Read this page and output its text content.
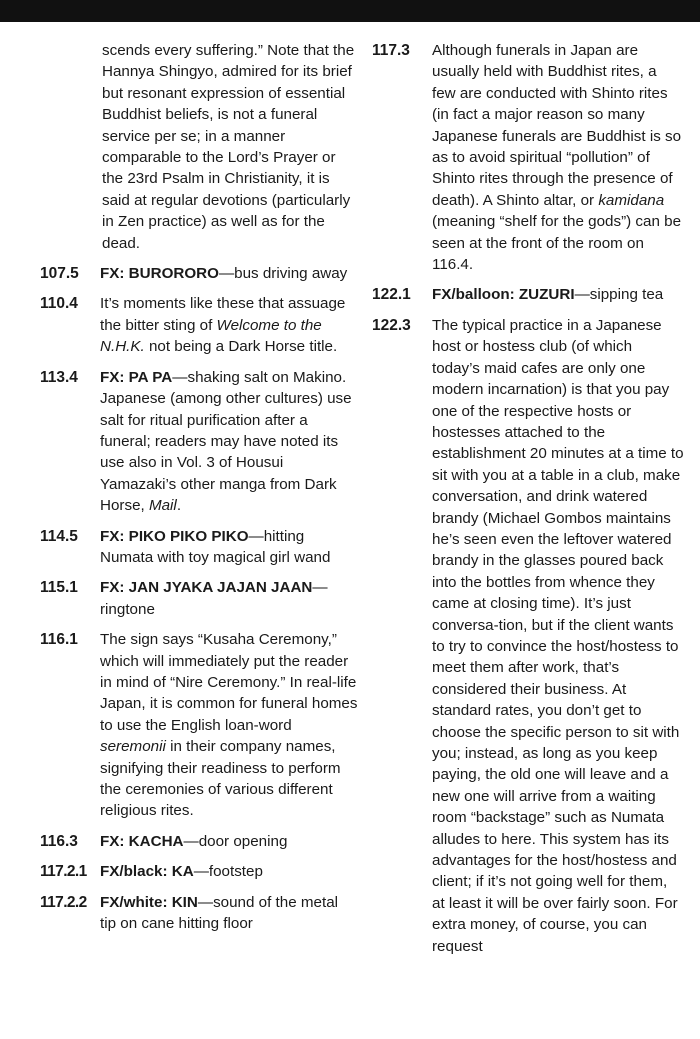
scends every suffering.” Note that the Hannya Shingyo, admired for its brief but resonant expression of essential Buddhist beliefs, is not a funeral service per se; in a manner comparable to the Lord’s Prayer or the 23rd Psalm in Christianity, it is said at regular devotions (particularly in Zen practice) as well as for the dead.

107.5 FX: BURORORO—bus driving away

110.4 It’s moments like these that assuage the bitter sting of Welcome to the N.H.K. not being a Dark Horse title.

113.4 FX: PA PA—shaking salt on Makino. Japanese (among other cultures) use salt for ritual purification after a funeral; readers may have noted its use also in Vol. 3 of Housui Yamazaki’s other manga from Dark Horse, Mail.

114.5 FX: PIKO PIKO PIKO—hitting Numata with toy magical girl wand

115.1 FX: JAN JYAKA JAJAN JAAN—ringtone

116.1 The sign says “Kusaha Ceremony,” which will immediately put the reader in mind of “Nire Ceremony.” In real-life Japan, it is common for funeral homes to use the English loan-word seremonii in their company names, signifying their readiness to perform the ceremonies of various different religious rites.

116.3 FX: KACHA—door opening

117.2.1 FX/black: KA—footstep

117.2.2 FX/white: KIN—sound of the metal tip on cane hitting floor

117.3 Although funerals in Japan are usually held with Buddhist rites, a few are conducted with Shinto rites (in fact a major reason so many Japanese funerals are Buddhist is so as to avoid spiritual “pollution” of Shinto rites through the presence of death). A Shinto altar, or kamidana (meaning “shelf for the gods”) can be seen at the front of the room on 116.4.

122.1 FX/balloon: ZUZURI—sipping tea

122.3 The typical practice in a Japanese host or hostess club (of which today’s maid cafes are only one modern incarnation) is that you pay one of the respective hosts or hostesses attached to the establishment 20 minutes at a time to sit with you at a table in a club, make conversation, and drink watered brandy (Michael Gombos maintains he’s seen even the leftover watered brandy in the glasses poured back into the bottles from whence they came at closing time). It’s just conversa-tion, but if the client wants to try to convince the host/hostess to meet them after work, that’s considered their business. At standard rates, you don’t get to choose the specific person to sit with you; instead, as long as you keep paying, the old one will leave and a new one will arrive from a waiting room “backstage” such as Numata alludes to here. This system has its advantages for the host/hostess and client; if it’s not going well for them, at least it will be over fairly soon. For extra money, of course, you can request
